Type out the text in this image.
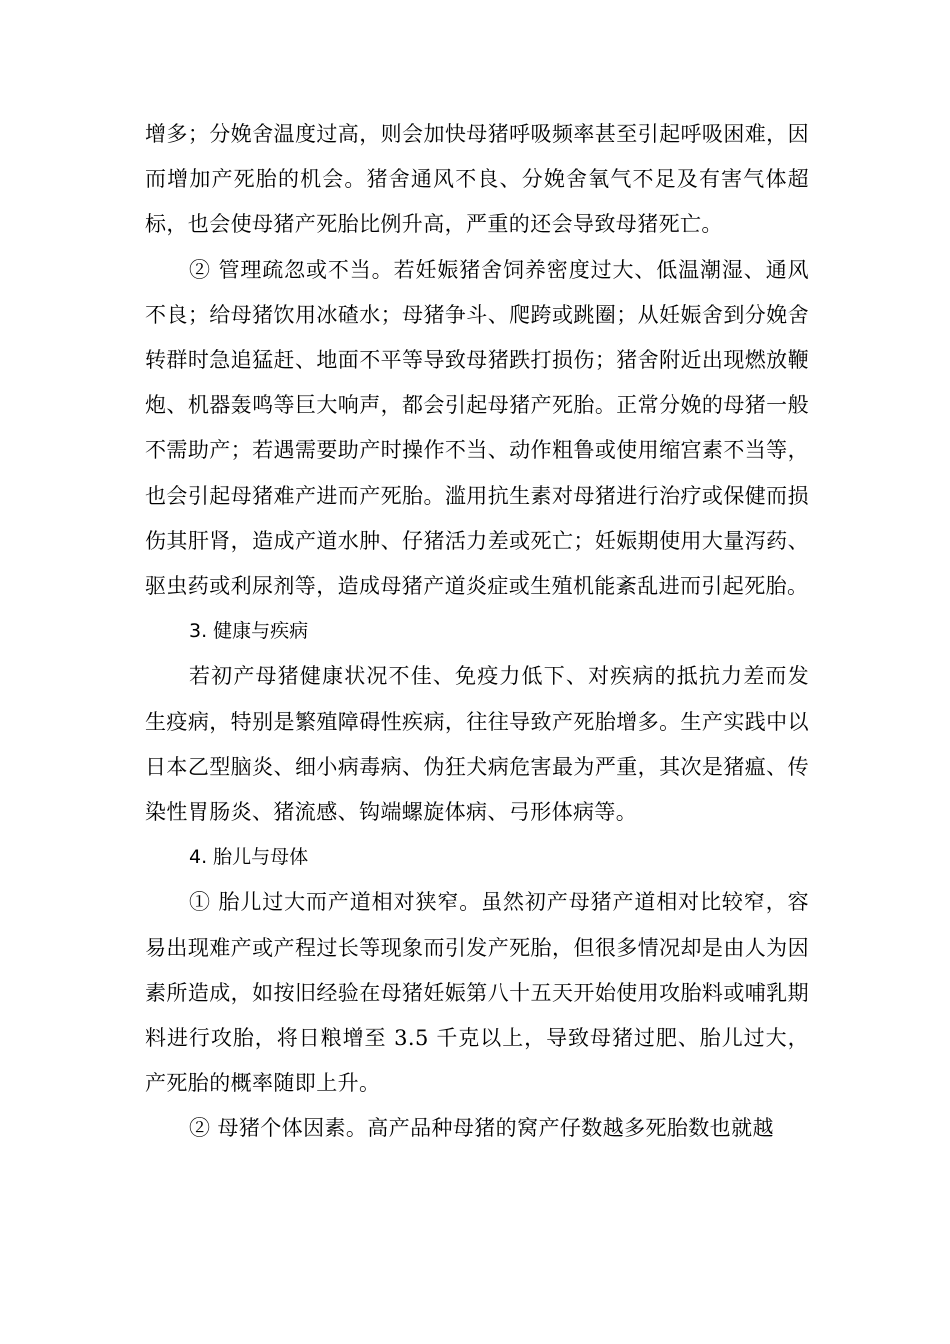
增多；分娩舍温度过高，则会加快母猪呼吸频率甚至引起呼吸困难，因而增加产死胎的机会。猪舍通风不良、分娩舍氧气不足及有害气体超标，也会使母猪产死胎比例升高，严重的还会导致母猪死亡。

② 管理疏忽或不当。若妊娠猪舍饲养密度过大、低温潮湿、通风不良；给母猪饮用冰碴水；母猪争斗、爬跨或跳圈；从妊娠舍到分娩舍转群时急追猛赶、地面不平等导致母猪跌打损伤；猪舍附近出现燃放鞭炮、机器轰鸣等巨大响声，都会引起母猪产死胎。正常分娩的母猪一般不需助产；若遇需要助产时操作不当、动作粗鲁或使用缩宫素不当等，也会引起母猪难产进而产死胎。滥用抗生素对母猪进行治疗或保健而损伤其肝肾，造成产道水肿、仔猪活力差或死亡；妊娠期使用大量泻药、驱虫药或利尿剂等，造成母猪产道炎症或生殖机能紊乱进而引起死胎。

3. 健康与疾病

若初产母猪健康状况不佳、免疫力低下、对疾病的抵抗力差而发生疫病，特别是繁殖障碍性疾病，往往导致产死胎增多。生产实践中以日本乙型脑炎、细小病毒病、伪狂犬病危害最为严重，其次是猪瘟、传染性胃肠炎、猪流感、钩端螺旋体病、弓形体病等。

4. 胎儿与母体

① 胎儿过大而产道相对狭窄。虽然初产母猪产道相对比较窄，容易出现难产或产程过长等现象而引发产死胎，但很多情况却是由人为因素所造成，如按旧经验在母猪妊娠第八十五天开始使用攻胎料或哺乳期料进行攻胎，将日粮增至 3.5 千克以上，导致母猪过肥、胎儿过大，产死胎的概率随即上升。

② 母猪个体因素。高产品种母猪的窝产仔数越多死胎数也就越
